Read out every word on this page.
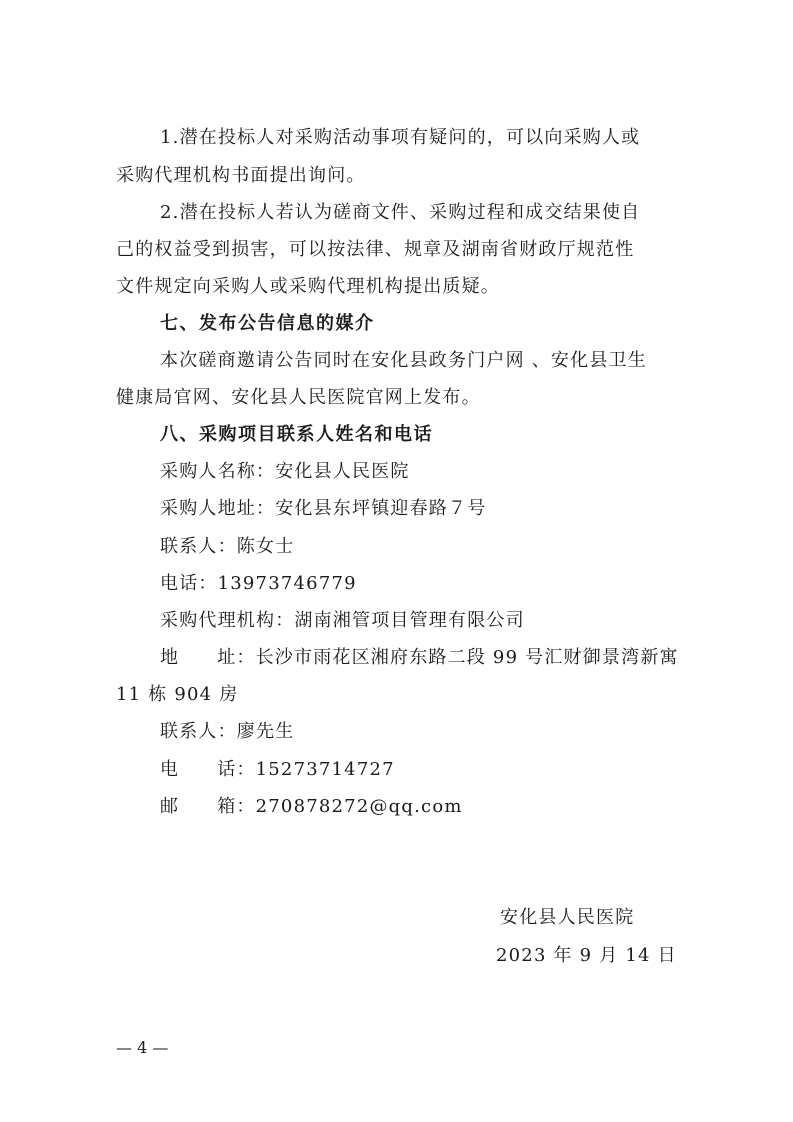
1.潜在投标人对采购活动事项有疑问的，可以向采购人或
采购代理机构书面提出询问。
2.潜在投标人若认为磋商文件、采购过程和成交结果使自
己的权益受到损害，可以按法律、规章及湖南省财政厅规范性
文件规定向采购人或采购代理机构提出质疑。
七、发布公告信息的媒介
本次磋商邀请公告同时在安化县政务门户网 、安化县卫生
健康局官网、安化县人民医院官网上发布。
八、采购项目联系人姓名和电话
采购人名称：安化县人民医院
采购人地址：安化县东坪镇迎春路７号
联系人：陈女士
电话：13973746779
采购代理机构：湖南湘管项目管理有限公司
地 址：长沙市雨花区湘府东路二段 99 号汇财御景湾新寓
11 栋 904 房
联系人：廖先生
电 话：15273714727
邮 箱：270878272@qq.com
安化县人民医院
2023 年 9 月 14 日
— 4 —
